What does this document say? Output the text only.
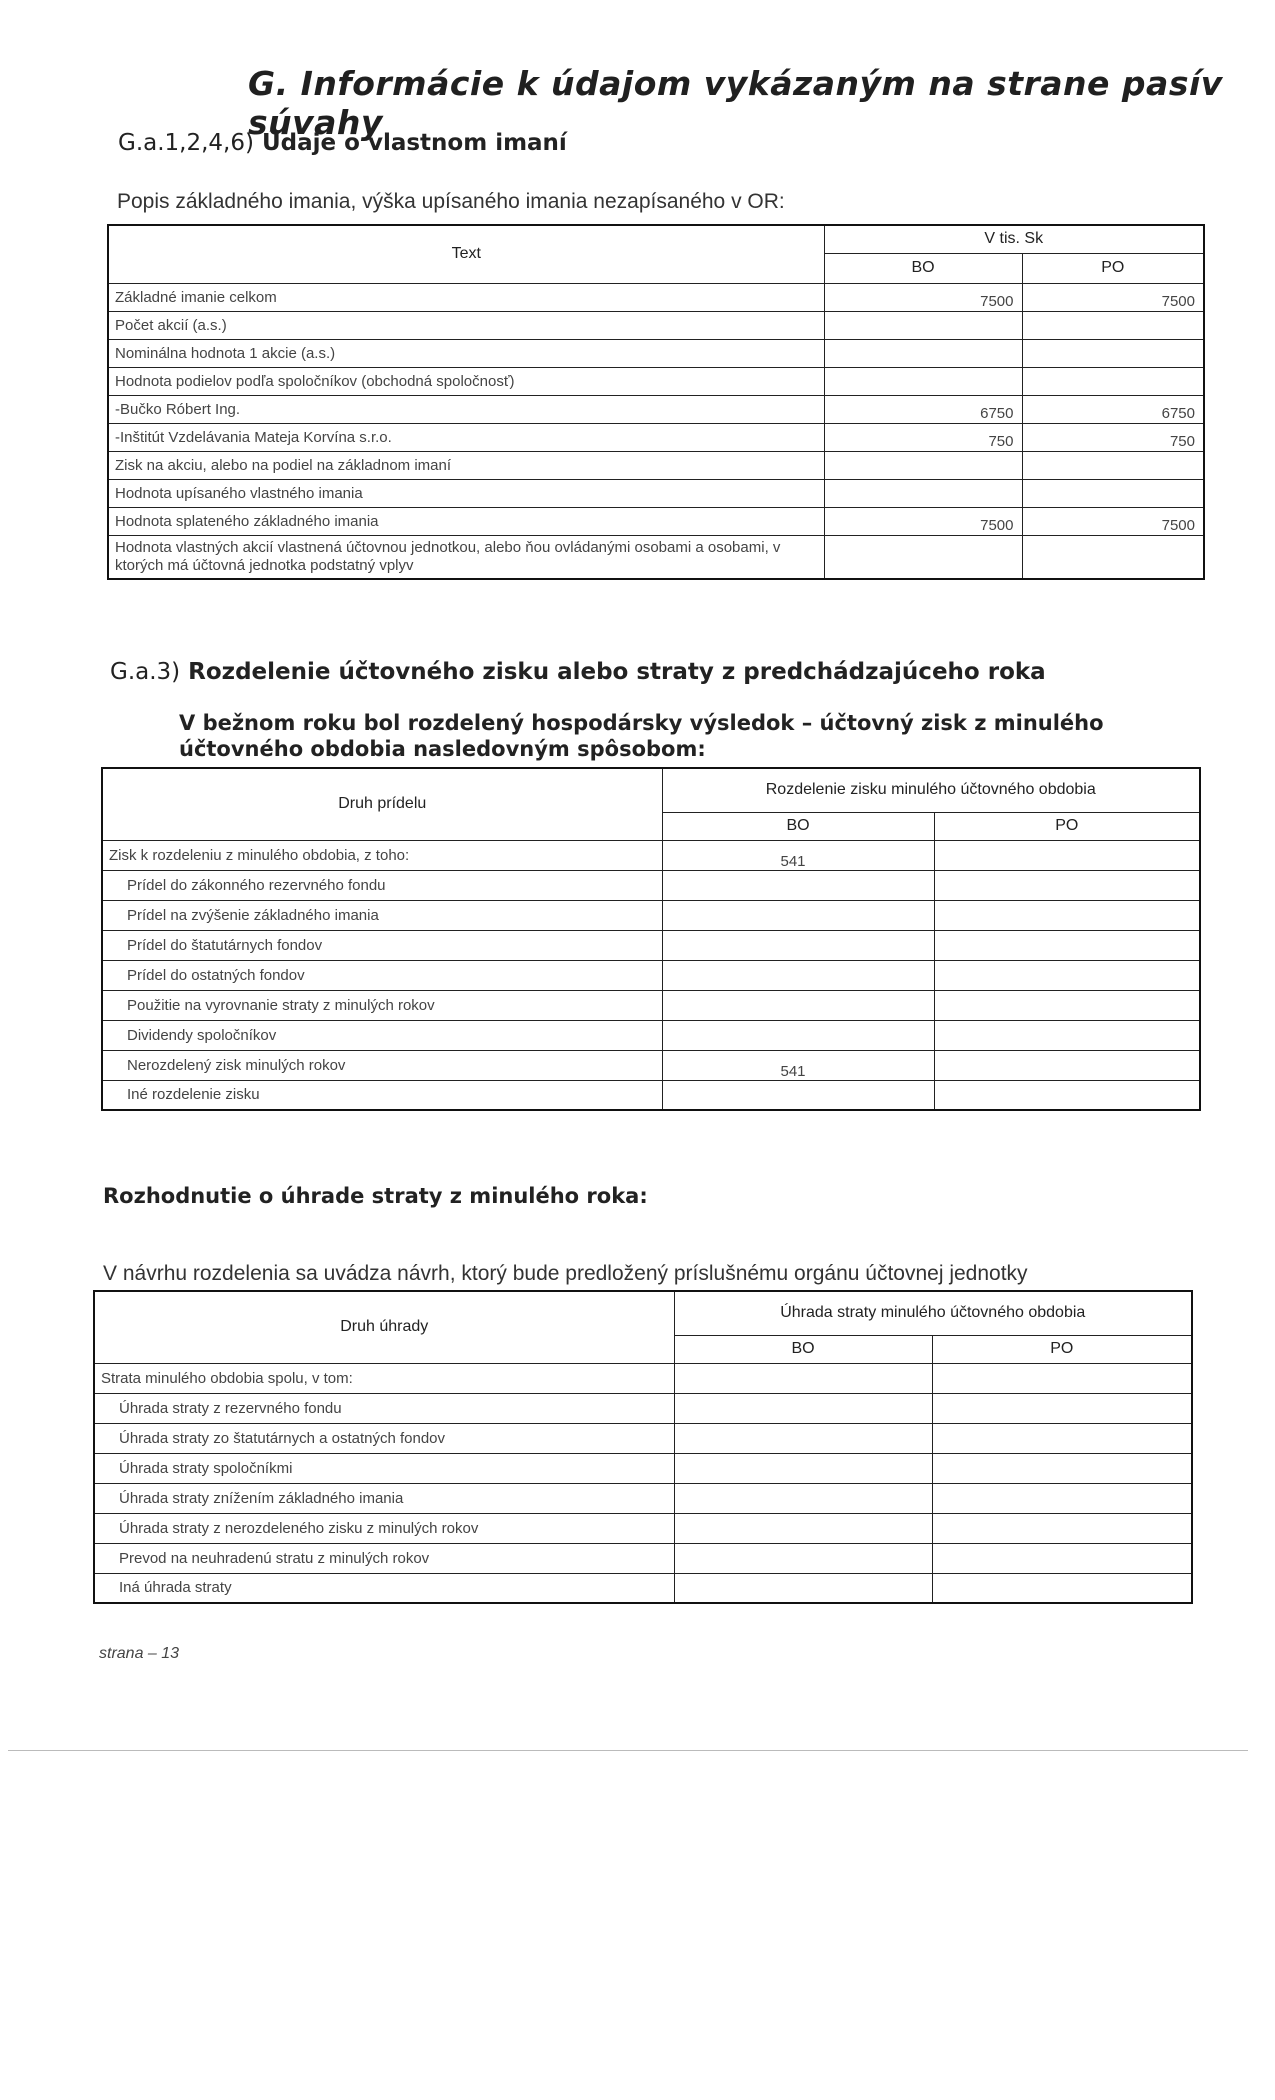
G. Informácie k údajom vykázaným na strane pasív súvahy
G.a.1,2,4,6) Údaje o vlastnom imaní
Popis základného imania, výška upísaného imania nezapísaného v OR:
Text	V tis. Sk	
	BO	PO
Základné imanie celkom	7500	7500
Počet akcií (a.s.)		
Nominálna hodnota 1 akcie (a.s.)		
Hodnota podielov podľa spoločníkov (obchodná spoločnosť)		
-Bučko Róbert Ing.	6750	6750
-Inštitút Vzdelávania Mateja Korvína s.r.o.	750	750
Zisk na akciu, alebo na podiel na základnom imaní		
Hodnota upísaného vlastného imania		
Hodnota splateného základného imania	7500	7500
Hodnota vlastných akcií vlastnená účtovnou jednotkou, alebo ňou ovládanými osobami a osobami, v ktorých má účtovná jednotka podstatný vplyv		
G.a.3) Rozdelenie účtovného zisku alebo straty z predchádzajúceho roka
V bežnom roku bol rozdelený hospodársky výsledok – účtovný zisk z minulého účtovného obdobia nasledovným spôsobom:
Druh prídelu	Rozdelenie zisku minulého účtovného obdobia	
	BO	PO
Zisk k rozdeleniu z minulého obdobia, z toho:	541	
Prídel do zákonného rezervného fondu		
Prídel na zvýšenie základného imania		
Prídel do štatutárnych fondov		
Prídel do ostatných fondov		
Použitie na vyrovnanie straty z minulých rokov		
Dividendy spoločníkov		
Nerozdelený zisk minulých rokov	541	
Iné rozdelenie zisku		
Rozhodnutie o úhrade straty z minulého roka:
V návrhu rozdelenia sa uvádza návrh, ktorý bude predložený príslušnému orgánu účtovnej jednotky
Druh úhrady	Úhrada straty minulého účtovného obdobia	
	BO	PO
Strata minulého obdobia spolu, v tom:		
Úhrada straty z rezervného fondu		
Úhrada straty zo štatutárnych a ostatných fondov		
Úhrada straty spoločníkmi		
Úhrada straty znížením základného imania		
Úhrada straty z nerozdeleného zisku z minulých rokov		
Prevod na neuhradenú stratu z minulých rokov		
Iná úhrada straty		
strana – 13
